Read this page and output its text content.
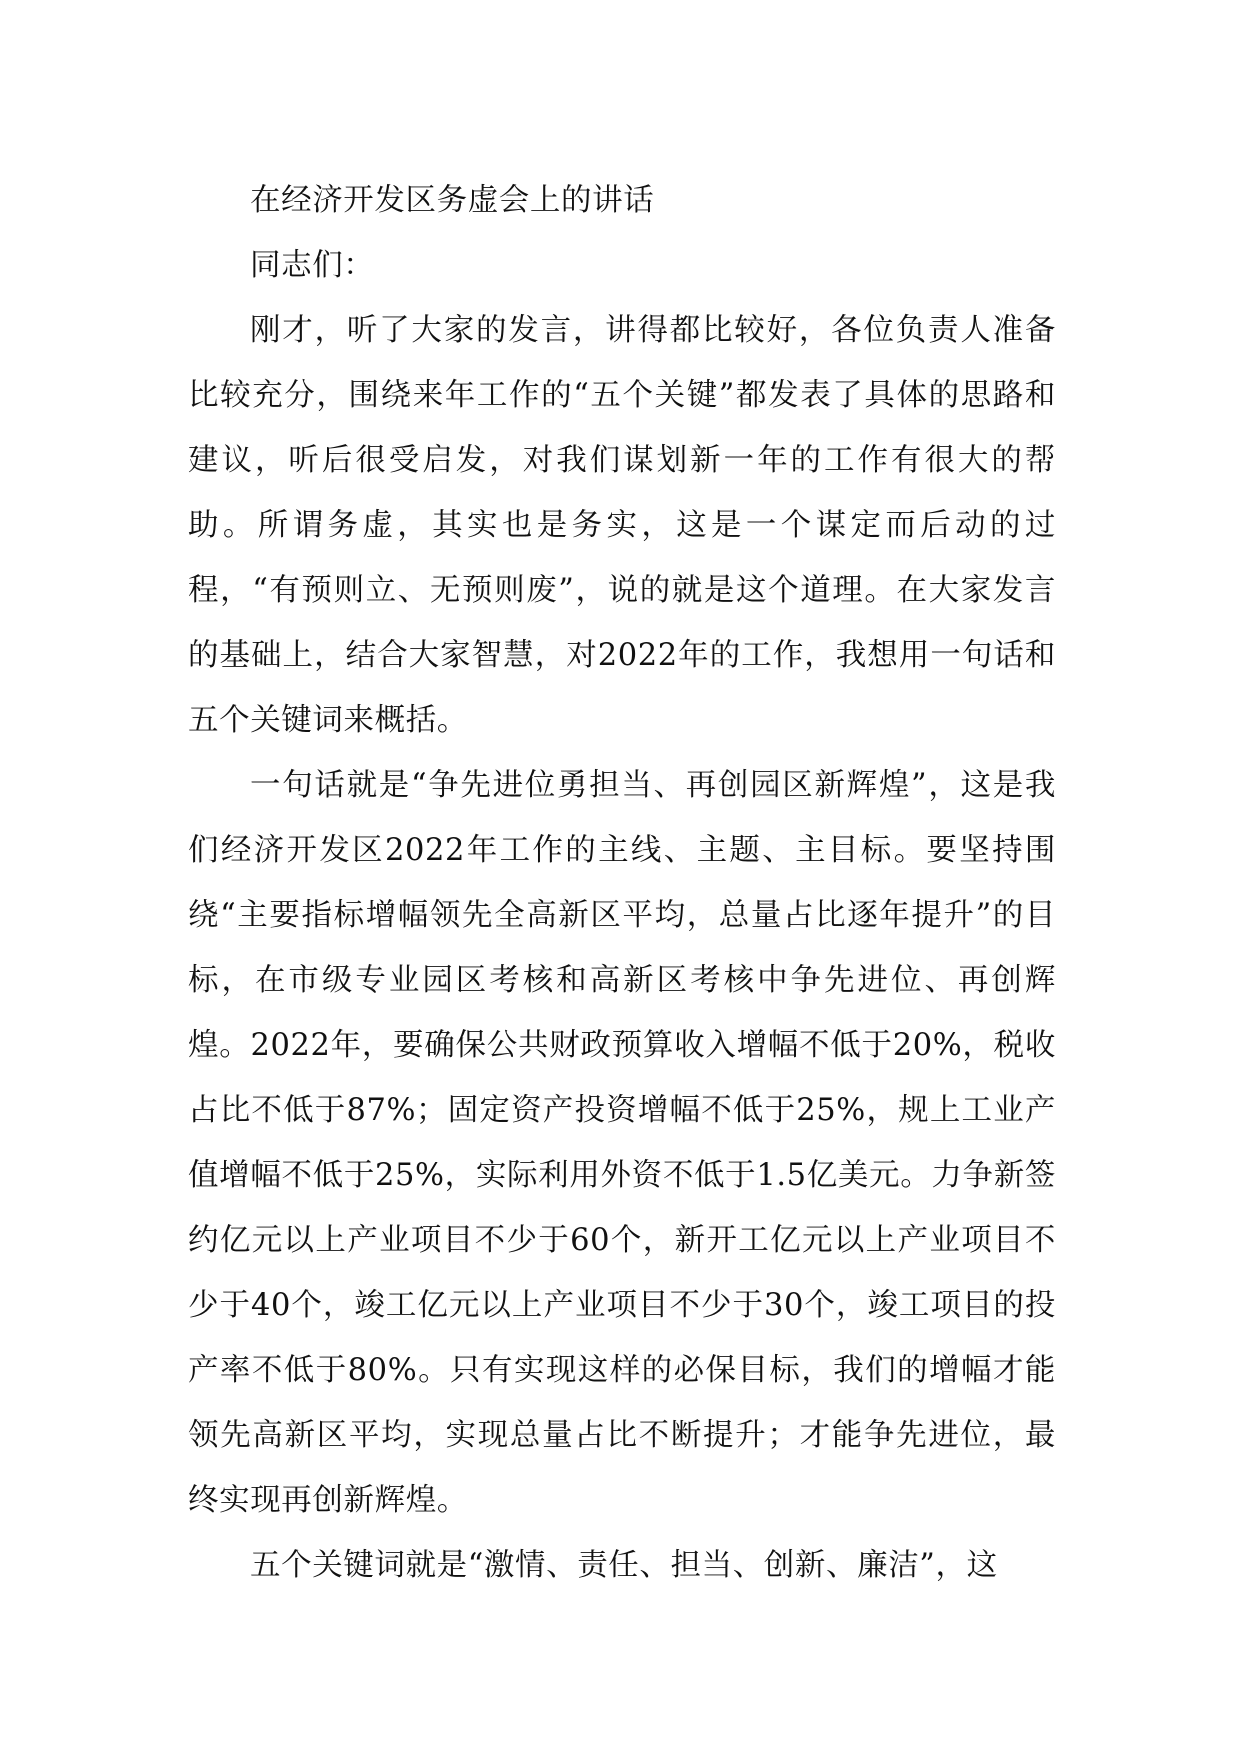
在经济开发区务虚会上的讲话

同志们：

刚才，听了大家的发言，讲得都比较好，各位负责人准备比较充分，围绕来年工作的“五个关键”都发表了具体的思路和建议，听后很受启发，对我们谋划新一年的工作有很大的帮助。所谓务虚，其实也是务实，这是一个谋定而后动的过程，“有预则立、无预则废”，说的就是这个道理。在大家发言的基础上，结合大家智慧，对2022年的工作，我想用一句话和五个关键词来概括。

一句话就是“争先进位勇担当、再创园区新辉煌”，这是我们经济开发区2022年工作的主线、主题、主目标。要坚持围绕“主要指标增幅领先全高新区平均，总量占比逐年提升”的目标，在市级专业园区考核和高新区考核中争先进位、再创辉煌。2022年，要确保公共财政预算收入增幅不低于20%，税收占比不低于87%；固定资产投资增幅不低于25%，规上工业产值增幅不低于25%，实际利用外资不低于1.5亿美元。力争新签约亿元以上产业项目不少于60个，新开工亿元以上产业项目不少于40个，竣工亿元以上产业项目不少于30个，竣工项目的投产率不低于80%。只有实现这样的必保目标，我们的增幅才能领先高新区平均，实现总量占比不断提升；才能争先进位，最终实现再创新辉煌。

五个关键词就是“激情、责任、担当、创新、廉洁”，这
